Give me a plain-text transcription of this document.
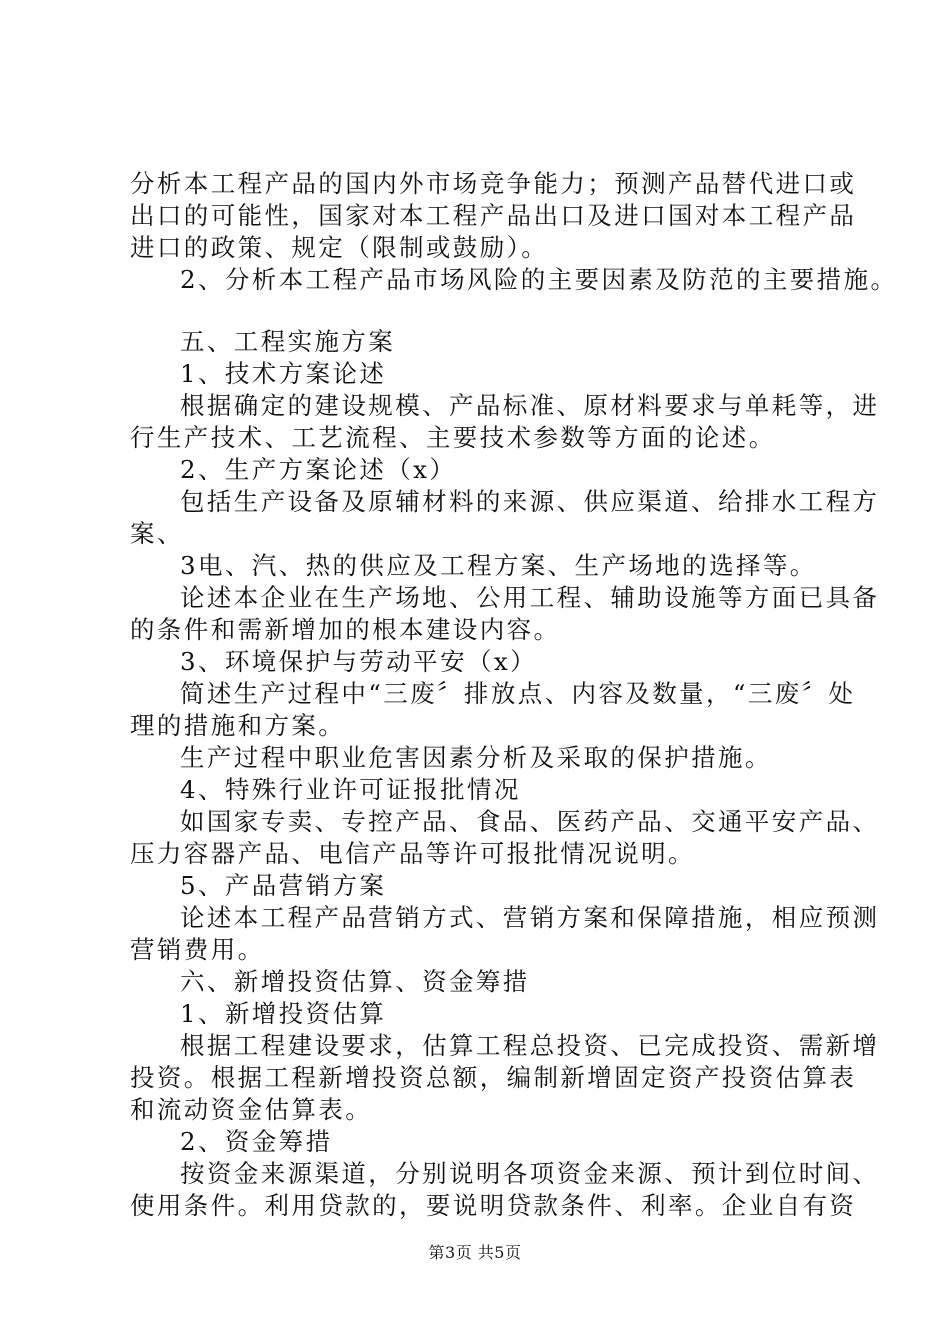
分析本工程产品的国内外市场竞争能力；预测产品替代进口或
出口的可能性，国家对本工程产品出口及进口国对本工程产品
进口的政策、规定（限制或鼓励）。
2、分析本工程产品市场风险的主要因素及防范的主要措施。
五、工程实施方案
1、技术方案论述
根据确定的建设规模、产品标准、原材料要求与单耗等，进
行生产技术、工艺流程、主要技术参数等方面的论述。
2、生产方案论述（x）
包括生产设备及原辅材料的来源、供应渠道、给排水工程方
案、
3电、汽、热的供应及工程方案、生产场地的选择等。
论述本企业在生产场地、公用工程、辅助设施等方面已具备
的条件和需新增加的根本建设内容。
3、环境保护与劳动平安（x）
简述生产过程中“三废〞排放点、内容及数量，“三废〞处
理的措施和方案。
生产过程中职业危害因素分析及采取的保护措施。
4、特殊行业许可证报批情况
如国家专卖、专控产品、食品、医药产品、交通平安产品、
压力容器产品、电信产品等许可报批情况说明。
5、产品营销方案
论述本工程产品营销方式、营销方案和保障措施，相应预测
营销费用。
六、新增投资估算、资金筹措
1、新增投资估算
根据工程建设要求，估算工程总投资、已完成投资、需新增
投资。根据工程新增投资总额，编制新增固定资产投资估算表
和流动资金估算表。
2、资金筹措
按资金来源渠道，分别说明各项资金来源、预计到位时间、
使用条件。利用贷款的，要说明贷款条件、利率。企业自有资
第3页 共5页
